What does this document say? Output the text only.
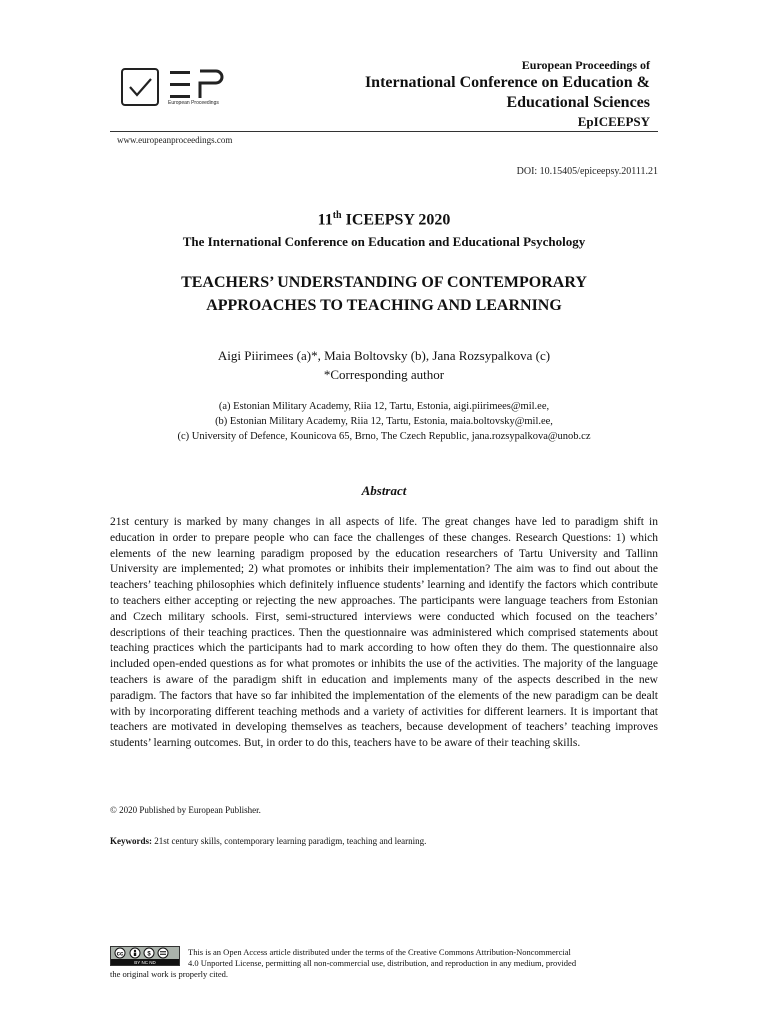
European Proceedings
European Proceedings of
International Conference on Education &
Educational Sciences
EpICEEPSY
www.europeanproceedings.com
DOI: 10.15405/epiceepsy.20111.21
11th ICEEPSY 2020
The International Conference on Education and Educational Psychology
TEACHERS’ UNDERSTANDING OF CONTEMPORARY
APPROACHES TO TEACHING AND LEARNING
Aigi Piirimees (a)*, Maia Boltovsky (b), Jana Rozsypalkova (c)
*Corresponding author
(a) Estonian Military Academy, Riia 12, Tartu, Estonia, aigi.piirimees@mil.ee,
(b) Estonian Military Academy, Riia 12, Tartu, Estonia, maia.boltovsky@mil.ee,
(c) University of Defence, Kounicova 65, Brno, The Czech Republic, jana.rozsypalkova@unob.cz
Abstract
21st century is marked by many changes in all aspects of life. The great changes have led to paradigm shift in education in order to prepare people who can face the challenges of these changes. Research Questions: 1) which elements of the new learning paradigm proposed by the education researchers of Tartu University and Tallinn University are implemented; 2) what promotes or inhibits their implementation? The aim was to find out about the teachers’ teaching philosophies which definitely influence students’ learning and identify the factors which contribute to teachers either accepting or rejecting the new approaches. The participants were language teachers from Estonian and Czech military schools. First, semi-structured interviews were conducted which focused on the teachers’ descriptions of their teaching practices. Then the questionnaire was administered which comprised statements about teaching practices which the participants had to mark according to how often they do them. The questionnaire also included open-ended questions as for what promotes or inhibits the use of the activities. The majority of the language teachers is aware of the paradigm shift in education and implements many of the aspects described in the new paradigm. The factors that have so far inhibited the implementation of the elements of the new paradigm can be dealt with by incorporating different teaching methods and a variety of activities for different learners. It is important that teachers are motivated in developing themselves as teachers, because development of teachers’ teaching improves students’ learning outcomes. But, in order to do this, teachers have to be aware of their teaching skills.
© 2020 Published by European Publisher.
Keywords: 21st century skills, contemporary learning paradigm, teaching and learning.
cc	$
BY NC ND
This is an Open Access article distributed under the terms of the Creative Commons Attribution-Noncommercial
4.0 Unported License, permitting all non-commercial use, distribution, and reproduction in any medium, provided
the original work is properly cited.
